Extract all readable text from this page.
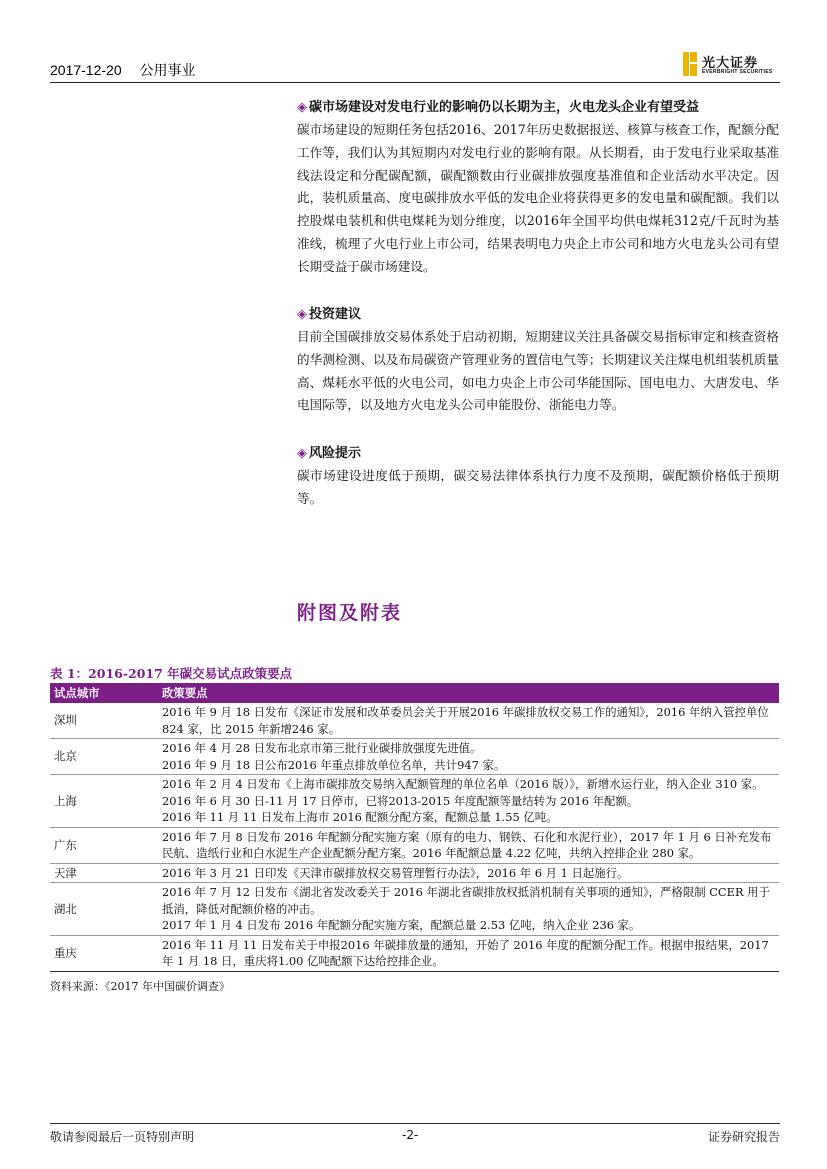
2017-12-20 公用事业	光大证券
EVERBRIGHT SECURITIES
◈ 碳市场建设对发电行业的影响仍以长期为主，火电龙头企业有望受益
碳市场建设的短期任务包括2016、2017年历史数据报送、核算与核查工作，配额分配工作等，我们认为其短期内对发电行业的影响有限。从长期看，由于发电行业采取基准线法设定和分配碳配额，碳配额数由行业碳排放强度基准值和企业活动水平决定。因此，装机质量高、度电碳排放水平低的发电企业将获得更多的发电量和碳配额。我们以控股煤电装机和供电煤耗为划分维度，以2016年全国平均供电煤耗312克/千瓦时为基准线，梳理了火电行业上市公司，结果表明电力央企上市公司和地方火电龙头公司有望长期受益于碳市场建设。
◈ 投资建议
目前全国碳排放交易体系处于启动初期，短期建议关注具备碳交易指标审定和核查资格的华测检测、以及布局碳资产管理业务的置信电气等；长期建议关注煤电机组装机质量高、煤耗水平低的火电公司，如电力央企上市公司华能国际、国电电力、大唐发电、华电国际等，以及地方火电龙头公司申能股份、浙能电力等。
◈ 风险提示
碳市场建设进度低于预期，碳交易法律体系执行力度不及预期，碳配额价格低于预期等。
附图及附表
表 1：2016-2017 年碳交易试点政策要点
试点城市	政策要点
深圳	2016 年 9 月 18 日发布《深证市发展和改革委员会关于开展2016 年碳排放权交易工作的通知》，2016 年纳入管控单位 824 家，比 2015 年新增246 家。

北京	2016 年 4 月 28 日发布北京市第三批行业碳排放强度先进值。
2016 年 9 月 18 日公布2016 年重点排放单位名单，共计947 家。

上海	2016 年 2 月 4 日发布《上海市碳排放交易纳入配额管理的单位名单（2016 版）》，新增水运行业，纳入企业 310 家。
2016 年 6 月 30 日-11 月 17 日停市，已将2013-2015 年度配额等量结转为 2016 年配额。
2016 年 11 月 11 日发布上海市 2016 配额分配方案，配额总量 1.55 亿吨。

广东	2016 年 7 月 8 日发布 2016 年配额分配实施方案（原有的电力、钢铁、石化和水泥行业），2017 年 1 月 6 日补充发布民航、造纸行业和白水泥生产企业配额分配方案。2016 年配额总量 4.22 亿吨，共纳入控排企业 280 家。

天津	2016 年 3 月 21 日印发《天津市碳排放权交易管理暂行办法》，2016 年 6 月 1 日起施行。

湖北	2016 年 7 月 12 日发布《湖北省发改委关于 2016 年湖北省碳排放权抵消机制有关事项的通知》，严格限制 CCER 用于抵消，降低对配额价格的冲击。
2017 年 1 月 4 日发布 2016 年配额分配实施方案，配额总量 2.53 亿吨，纳入企业 236 家。

重庆	2016 年 11 月 11 日发布关于申报2016 年碳排放量的通知，开始了 2016 年度的配额分配工作。根据申报结果，2017 年 1 月 18 日，重庆将1.00 亿吨配额下达给控排企业。
资料来源：《2017 年中国碳价调查》
敬请参阅最后一页特别声明	-2-	证券研究报告
